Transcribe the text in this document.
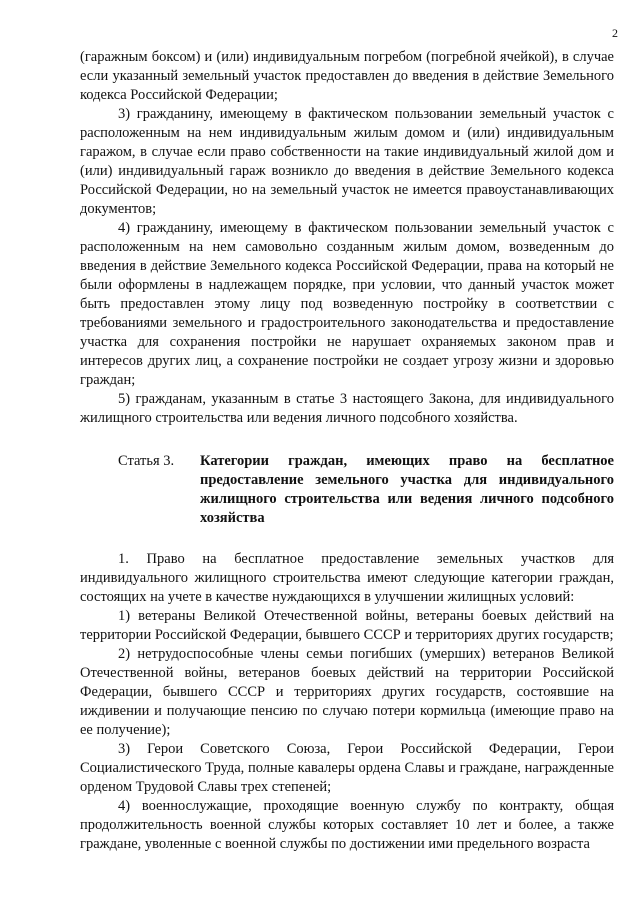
2

(гаражным боксом) и (или) индивидуальным погребом (погребной ячейкой), в случае если указанный земельный участок предоставлен до введения в действие Земельного кодекса Российской Федерации;

3) гражданину, имеющему в фактическом пользовании земельный участок с расположенным на нем индивидуальным жилым домом и (или) индивидуальным гаражом, в случае если право собственности на такие индивидуальный жилой дом и (или) индивидуальный гараж возникло до введения в действие Земельного кодекса Российской Федерации, но на земельный участок не имеется правоустанавливающих документов;

4) гражданину, имеющему в фактическом пользовании земельный участок с расположенным на нем самовольно созданным жилым домом, возведенным до введения в действие Земельного кодекса Российской Федерации, права на который не были оформлены в надлежащем порядке, при условии, что данный участок может быть предоставлен этому лицу под возведенную постройку в соответствии с требованиями земельного и градостроительного законодательства и предоставление участка для сохранения постройки не нарушает охраняемых законом прав и интересов других лиц, а сохранение постройки не создает угрозу жизни и здоровью граждан;

5) гражданам, указанным в статье 3 настоящего Закона, для индивидуального жилищного строительства или ведения личного подсобного хозяйства.

Статья 3.	Категории граждан, имеющих право на бесплатное предоставление земельного участка для индивидуального жилищного строительства или ведения личного подсобного хозяйства

1. Право на бесплатное предоставление земельных участков для индивидуального жилищного строительства имеют следующие категории граждан, состоящих на учете в качестве нуждающихся в улучшении жилищных условий:

1) ветераны Великой Отечественной войны, ветераны боевых действий на территории Российской Федерации, бывшего СССР и территориях других государств;

2) нетрудоспособные члены семьи погибших (умерших) ветеранов Великой Отечественной войны, ветеранов боевых действий на территории Российской Федерации, бывшего СССР и территориях других государств, состоявшие на иждивении и получающие пенсию по случаю потери кормильца (имеющие право на ее получение);

3) Герои Советского Союза, Герои Российской Федерации, Герои Социалистического Труда, полные кавалеры ордена Славы и граждане, награжденные орденом Трудовой Славы трех степеней;

4) военнослужащие, проходящие военную службу по контракту, общая продолжительность военной службы которых составляет 10 лет и более, а также граждане, уволенные с военной службы по достижении ими предельного возраста
